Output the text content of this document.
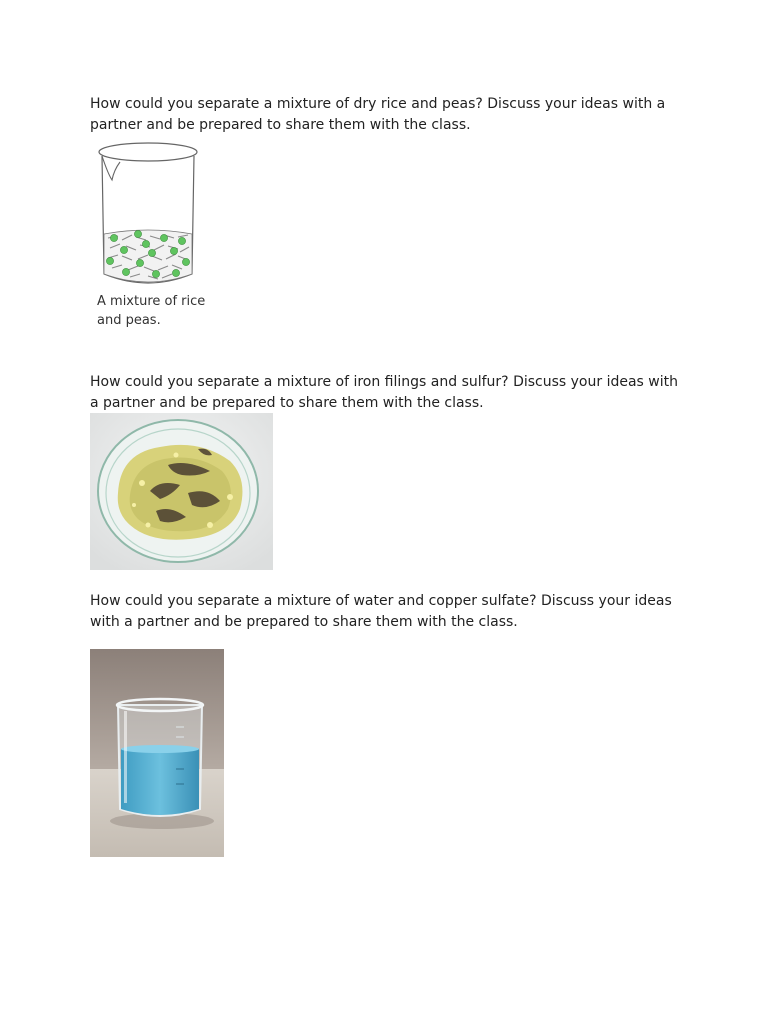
How could you separate a mixture of dry rice and peas? Discuss your ideas with a partner and be prepared to share them with the class.

A mixture of rice
and peas.

How could you separate a mixture of iron filings and sulfur? Discuss your ideas with a partner and be prepared to share them with the class.

How could you separate a mixture of water and copper sulfate? Discuss your ideas with a partner and be prepared to share them with the class.
